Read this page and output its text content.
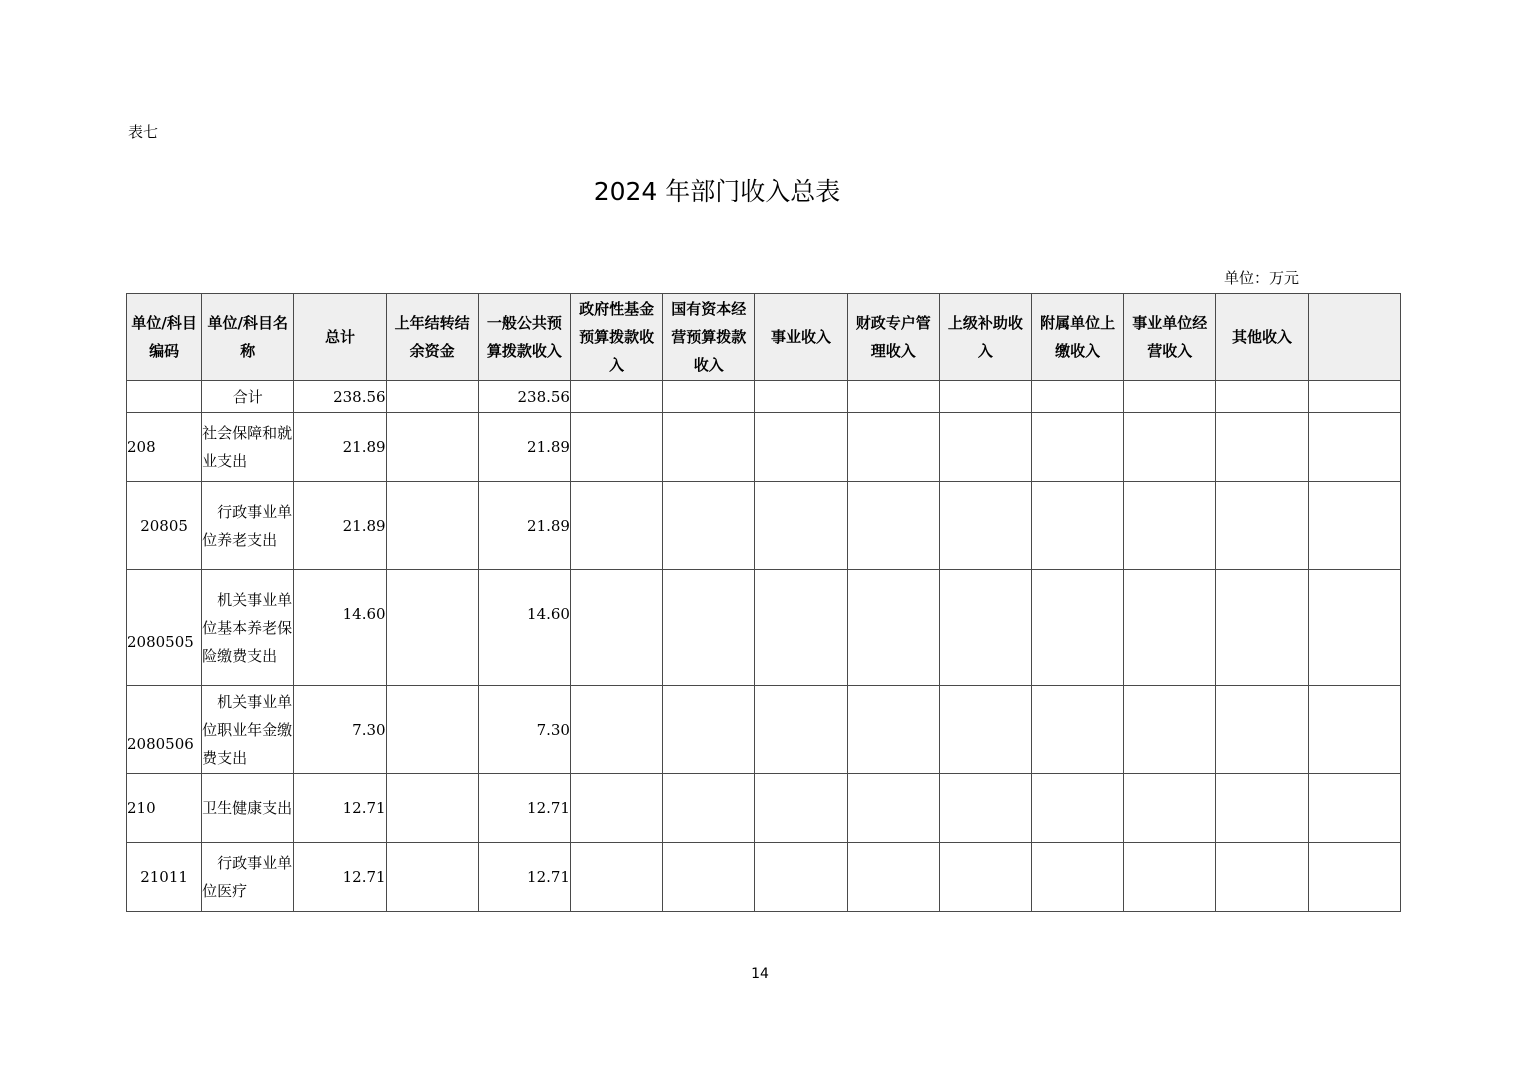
表七
2024 年部门收入总表
单位：万元
单位/科目编码	单位/科目名称	总计	上年结转结余资金	一般公共预算拨款收入	政府性基金预算拨款收入	国有资本经营预算拨款收入	事业收入	财政专户管理收入	上级补助收入	附属单位上缴收入	事业单位经营收入	其他收入	
	合计	238.56		238.56									
208	社会保障和就业支出	21.89		21.89									
20805	　行政事业单位养老支出	21.89		21.89									
2080505	　机关事业单位基本养老保险缴费支出	14.60		14.60									
2080506	　机关事业单位职业年金缴费支出	7.30		7.30									
210	卫生健康支出	12.71		12.71									
21011	　行政事业单位医疗	12.71		12.71									
14
